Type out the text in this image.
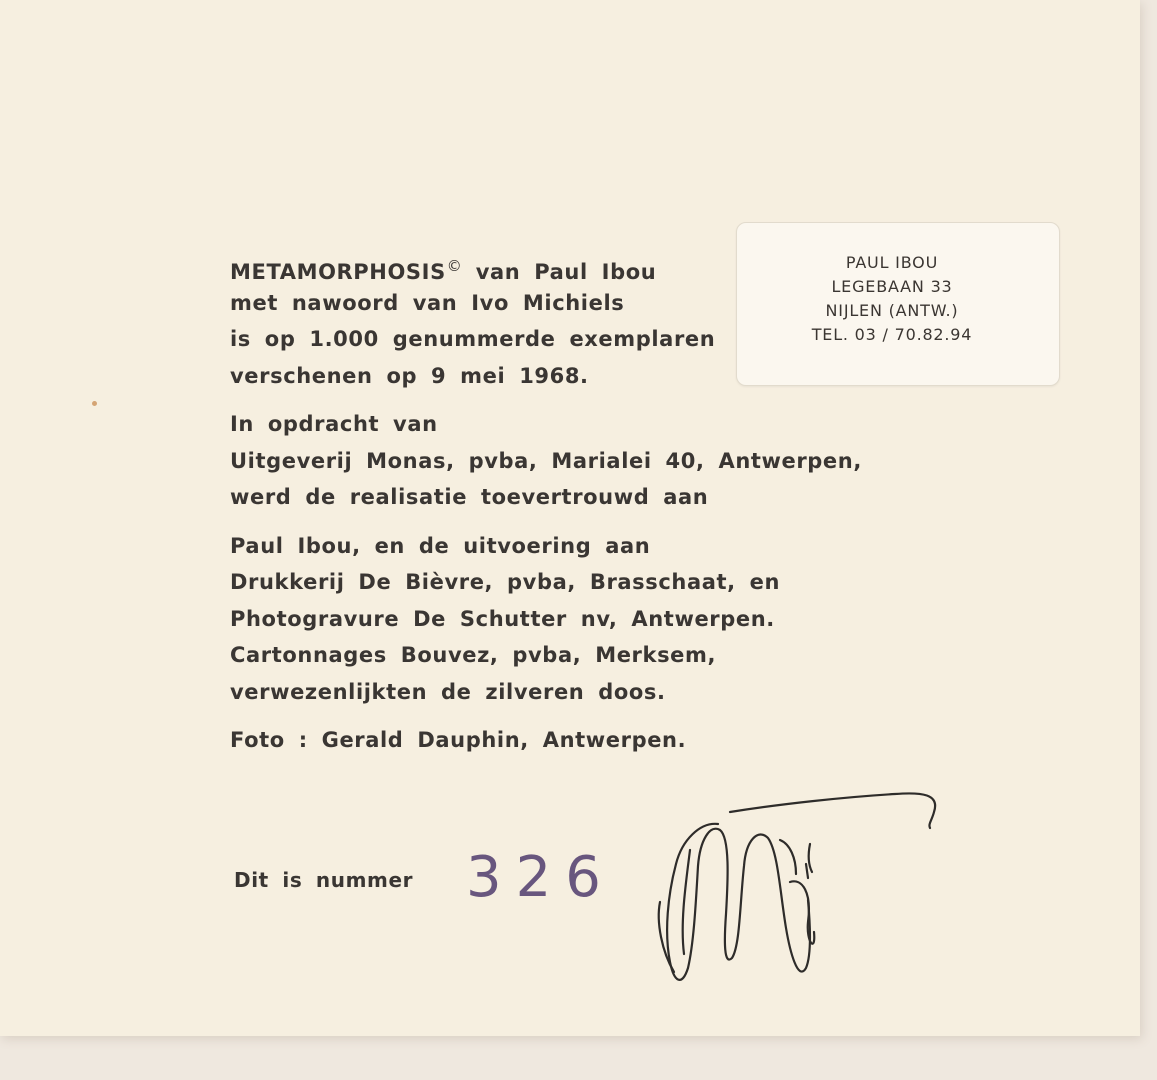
METAMORPHOSIS© van Paul Ibou
met nawoord van Ivo Michiels
is op 1.000 genummerde exemplaren
verschenen op 9 mei 1968.
In opdracht van
Uitgeverij Monas, pvba, Marialei 40, Antwerpen,
werd de realisatie toevertrouwd aan
Paul Ibou, en de uitvoering aan
Drukkerij De Bièvre, pvba, Brasschaat, en
Photogravure De Schutter nv, Antwerpen.
Cartonnages Bouvez, pvba, Merksem,
verwezenlijkten de zilveren doos.
Foto : Gerald Dauphin, Antwerpen.
PAUL IBOU
LEGEBAAN 33
NIJLEN (ANTW.)
TEL. 03 / 70.82.94
Dit is nummer 326
